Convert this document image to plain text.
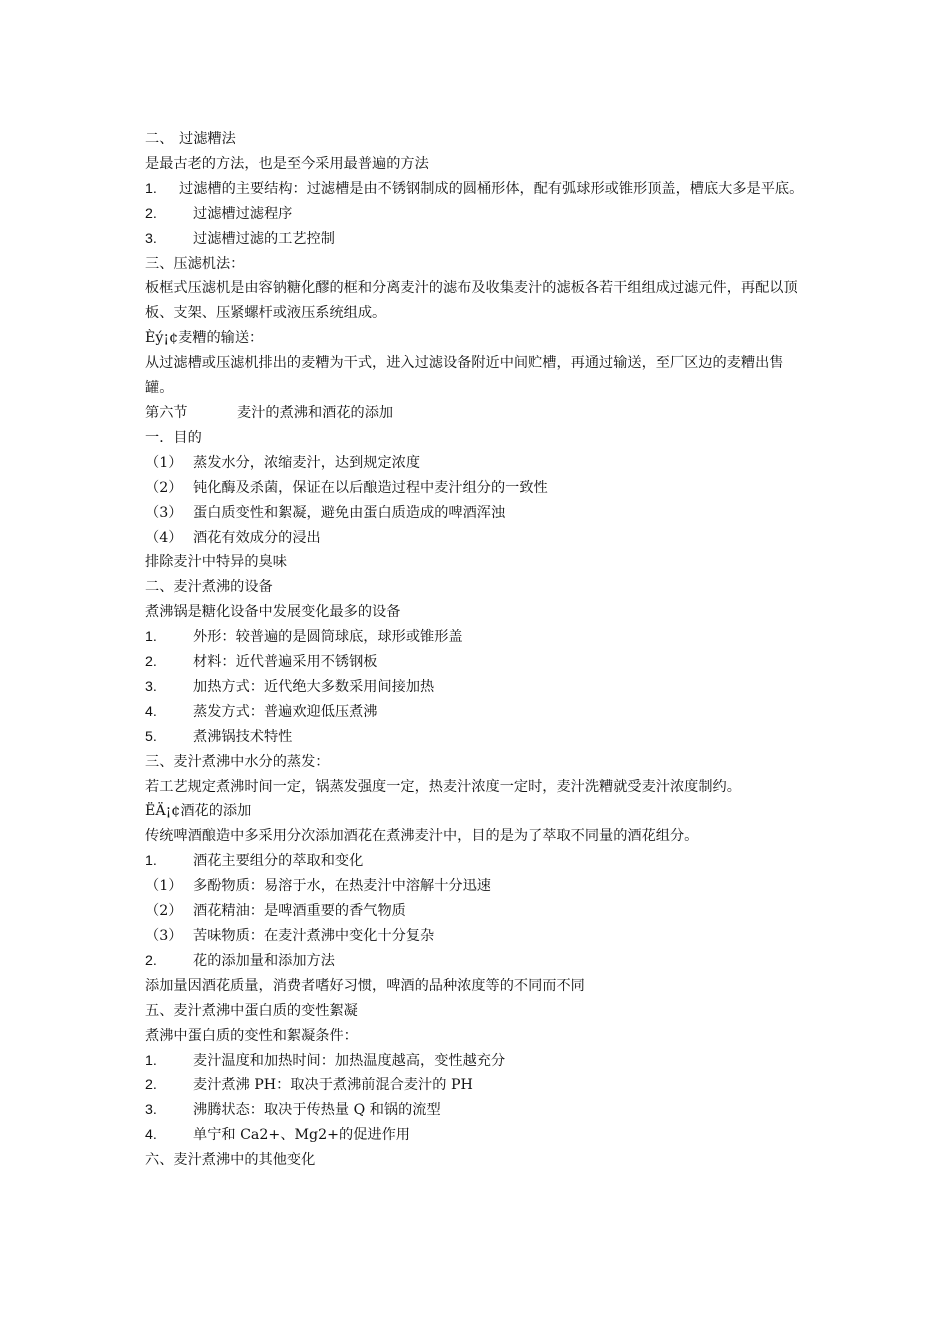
二、 过滤糟法

是最古老的方法，也是至今采用最普遍的方法

1. 过滤槽的主要结构：过滤槽是由不锈钢制成的圆桶形体，配有弧球形或锥形顶盖，槽底大多是平底。

2.	过滤槽过滤程序

3.	过滤槽过滤的工艺控制

三、压滤机法：

板框式压滤机是由容钠糖化醪的框和分离麦汁的滤布及收集麦汁的滤板各若干组组成过滤元件，再配以顶板、支架、压紧螺杆或液压系统组成。

Èý¡¢麦糟的输送：

从过滤槽或压滤机排出的麦糟为干式，进入过滤设备附近中间贮槽，再通过输送，至厂区边的麦糟出售罐。

第六节	麦汁的煮沸和酒花的添加

一．目的

（1） 蒸发水分，浓缩麦汁，达到规定浓度

（2） 钝化酶及杀菌，保证在以后酿造过程中麦汁组分的一致性

（3） 蛋白质变性和絮凝，避免由蛋白质造成的啤酒浑浊

（4） 酒花有效成分的浸出

排除麦汁中特异的臭味

二、麦汁煮沸的设备

煮沸锅是糖化设备中发展变化最多的设备

1.	外形：较普遍的是圆筒球底，球形或锥形盖

2.	材料：近代普遍采用不锈钢板

3.	加热方式：近代绝大多数采用间接加热

4.	蒸发方式：普遍欢迎低压煮沸

5.	煮沸锅技术特性

三、麦汁煮沸中水分的蒸发：

若工艺规定煮沸时间一定，锅蒸发强度一定，热麦汁浓度一定时，麦汁洗糟就受麦汁浓度制约。

ËÄ¡¢酒花的添加

传统啤酒酿造中多采用分次添加酒花在煮沸麦汁中，目的是为了萃取不同量的酒花组分。

1.	酒花主要组分的萃取和变化

（1） 多酚物质：易溶于水，在热麦汁中溶解十分迅速

（2） 酒花精油：是啤酒重要的香气物质

（3） 苦味物质：在麦汁煮沸中变化十分复杂

2.	花的添加量和添加方法

添加量因酒花质量，消费者嗜好习惯，啤酒的品种浓度等的不同而不同

五、麦汁煮沸中蛋白质的变性絮凝

煮沸中蛋白质的变性和絮凝条件：

1.	麦汁温度和加热时间：加热温度越高，变性越充分

2.	麦汁煮沸 PH：取决于煮沸前混合麦汁的 PH

3.	沸腾状态：取决于传热量 Q 和锅的流型

4.	单宁和 Ca2+、Mg2+的促进作用

六、麦汁煮沸中的其他变化
